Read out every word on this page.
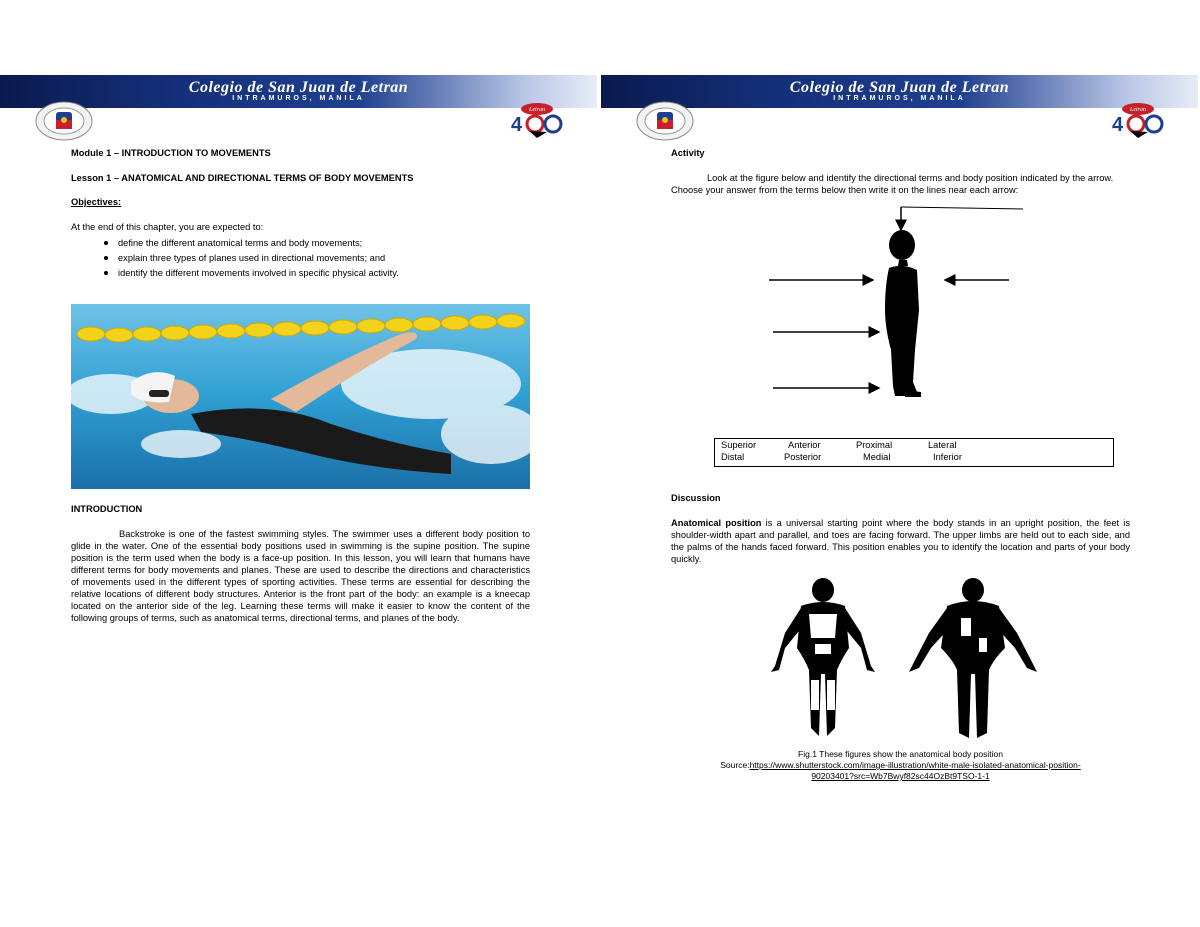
Colegio de San Juan de Letran
INTRAMUROS, MANILA
Letran
4
Module 1 – INTRODUCTION TO MOVEMENTS
Lesson 1 – ANATOMICAL AND DIRECTIONAL TERMS OF BODY MOVEMENTS
Objectives:
At the end of this chapter, you are expected to:
define the different anatomical terms and body movements;
explain three types of planes used in directional movements; and
identify the different movements involved in specific physical activity.
INTRODUCTION
Backstroke is one of the fastest swimming styles. The swimmer uses a different body position to glide in the water. One of the essential body positions used in swimming is the supine position. The supine position is the term used when the body is a face-up position. In this lesson, you will learn that humans have different terms for body movements and planes. These are used to describe the directions and characteristics of movements used in the different types of sporting activities. These terms are essential for describing the relative locations of different body structures. Anterior is the front part of the body: an example is a kneecap located on the anterior side of the leg. Learning these terms will make it easier to know the content of the following groups of terms, such as anatomical terms, directional terms, and planes of the body.
Colegio de San Juan de Letran
INTRAMUROS, MANILA
Letran
4
Activity
Look at the figure below and identify the directional terms and body position indicated by the arrow. Choose your answer from the terms below then write it on the lines near each arrow:
Superior	Anterior	Proximal	Lateral
Distal	Posterior	Medial	Inferior
Discussion
Anatomical position is a universal starting point where the body stands in an upright position, the feet is shoulder-width apart and parallel, and toes are facing forward. The upper limbs are held out to each side, and the palms of the hands faced forward. This position enables you to identify the location and parts of your body quickly.
Fig.1 These figures show the anatomical body position
Source:https://www.shutterstock.com/image-illustration/white-male-isolated-anatomical-position-
90203401?src=Wb7Bwyf82sc44OzBt9TSO-1-1
